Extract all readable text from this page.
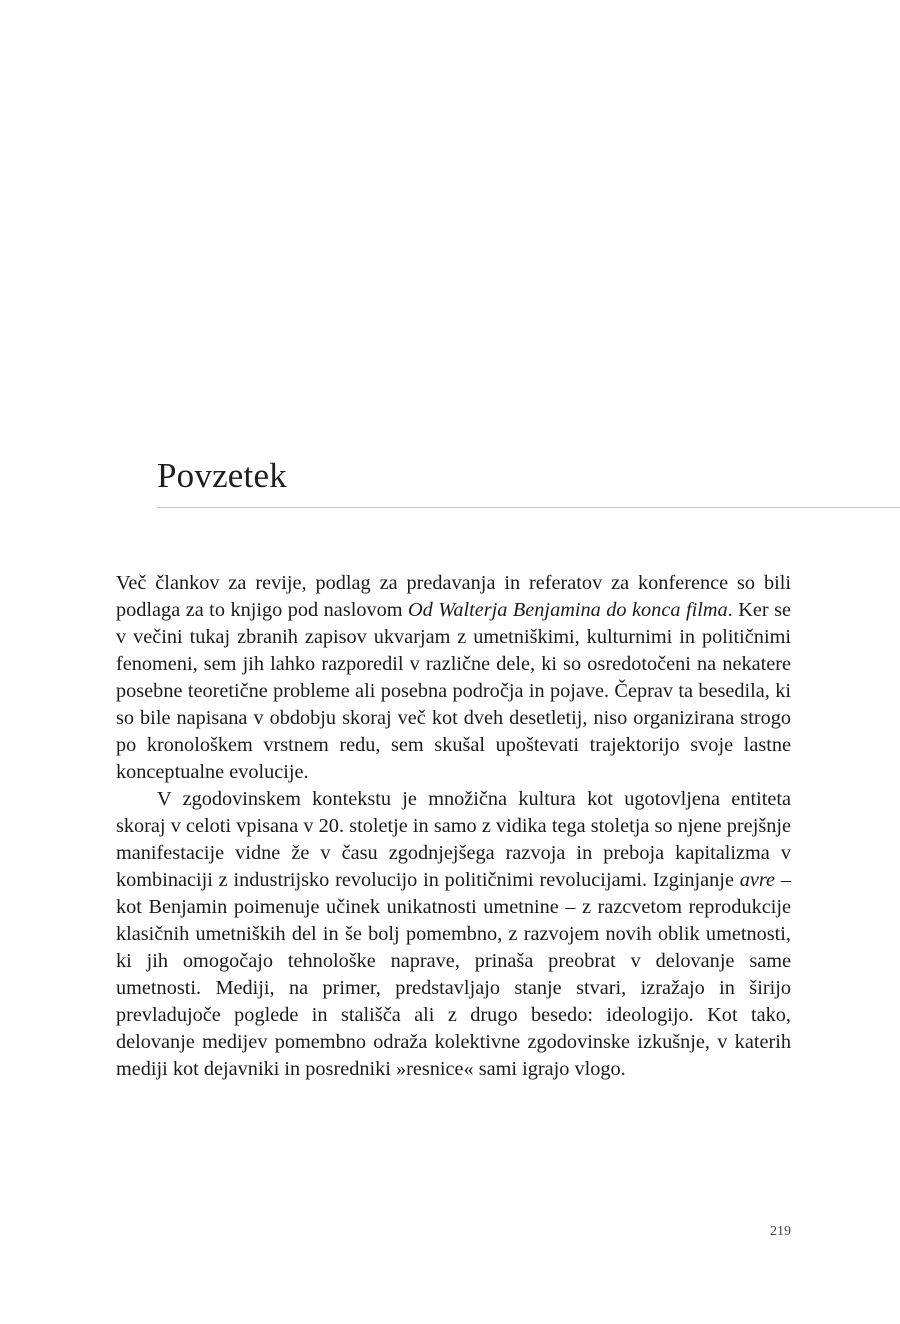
Povzetek

Več člankov za revije, podlag za predavanja in referatov za konference so bili podlaga za to knjigo pod naslovom Od Walterja Benjamina do konca filma. Ker se v večini tukaj zbranih zapisov ukvarjam z umetniškimi, kulturnimi in političnimi fenomeni, sem jih lahko razporedil v različne dele, ki so osredotočeni na nekatere posebne teoretične probleme ali posebna področja in pojave. Čeprav ta besedila, ki so bile napisana v obdobju skoraj več kot dveh desetletij, niso organizirana strogo po kronološkem vrstnem redu, sem skušal upoštevati trajektorijo svoje lastne konceptualne evolucije.

V zgodovinskem kontekstu je množična kultura kot ugotovljena entiteta skoraj v celoti vpisana v 20. stoletje in samo z vidika tega stoletja so njene prejšnje manifestacije vidne že v času zgodnjejšega razvoja in preboja kapitalizma v kombinaciji z industrijsko revolucijo in političnimi revolucijami. Izginjanje avre – kot Benjamin poimenuje učinek unikatnosti umetnine – z razcvetom reprodukcije klasičnih umetniških del in še bolj pomembno, z razvojem novih oblik umetnosti, ki jih omogočajo tehnološke naprave, prinaša preobrat v delovanje same umetnosti. Mediji, na primer, predstavljajo stanje stvari, izražajo in širijo prevladujoče poglede in stališča ali z drugo besedo: ideologijo. Kot tako, delovanje medijev pomembno odraža kolektivne zgodovinske izkušnje, v katerih mediji kot dejavniki in posredniki »resnice« sami igrajo vlogo.

219
